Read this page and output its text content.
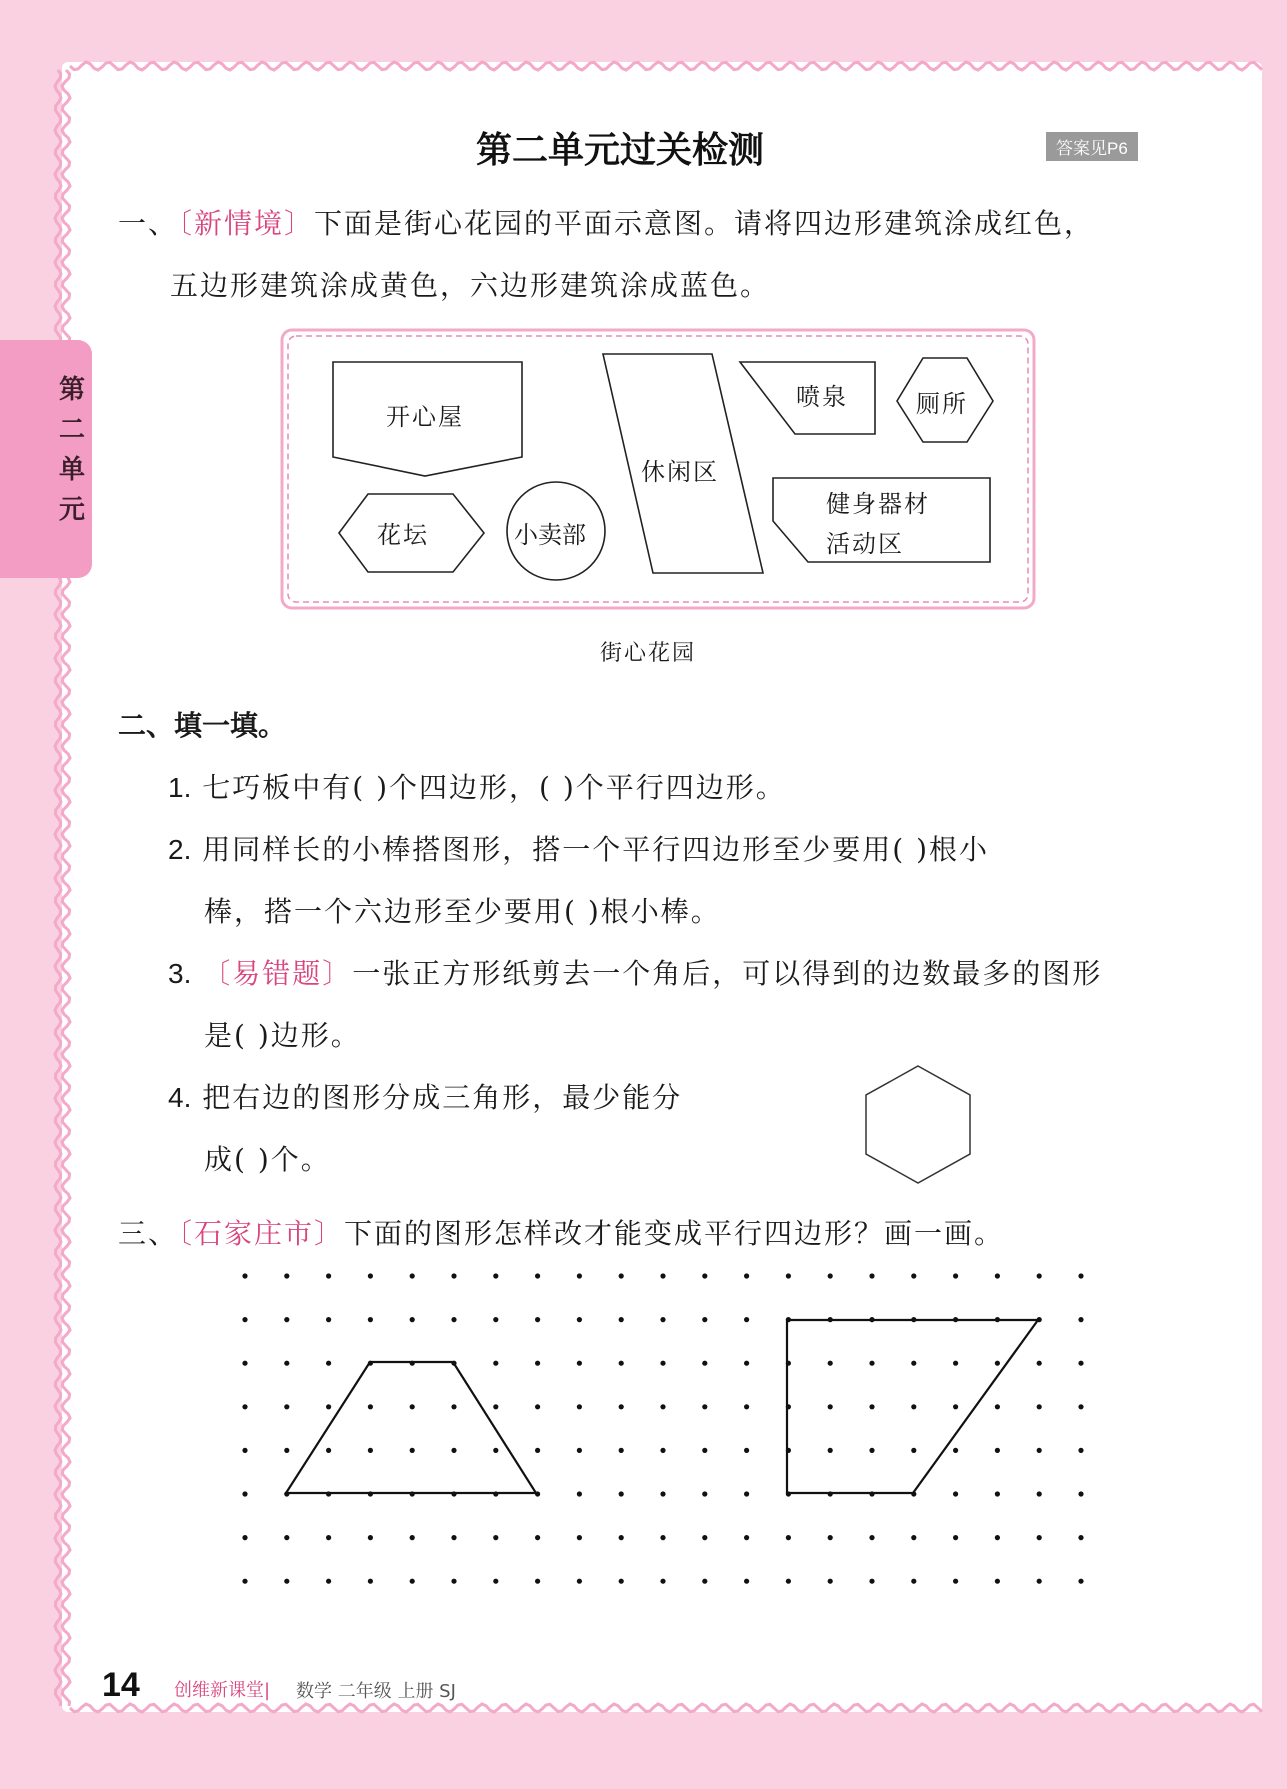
第二单元
第二单元过关检测	答案见P6
一、〔新情境〕下面是街心花园的平面示意图。请将四边形建筑涂成红色，
五边形建筑涂成黄色，六边形建筑涂成蓝色。
开心屋
花坛	小卖部
休闲区
喷泉	厕所
健身器材
活动区
街心花园
二、填一填。
1. 七巧板中有( )个四边形，( )个平行四边形。
2. 用同样长的小棒搭图形，搭一个平行四边形至少要用( )根小
棒，搭一个六边形至少要用( )根小棒。
3. 〔易错题〕一张正方形纸剪去一个角后，可以得到的边数最多的图形
是( )边形。
4. 把右边的图形分成三角形，最少能分
成( )个。
三、〔石家庄市〕下面的图形怎样改才能变成平行四边形？画一画。
14 创维新课堂| 数学 二年级 上册 SJ
